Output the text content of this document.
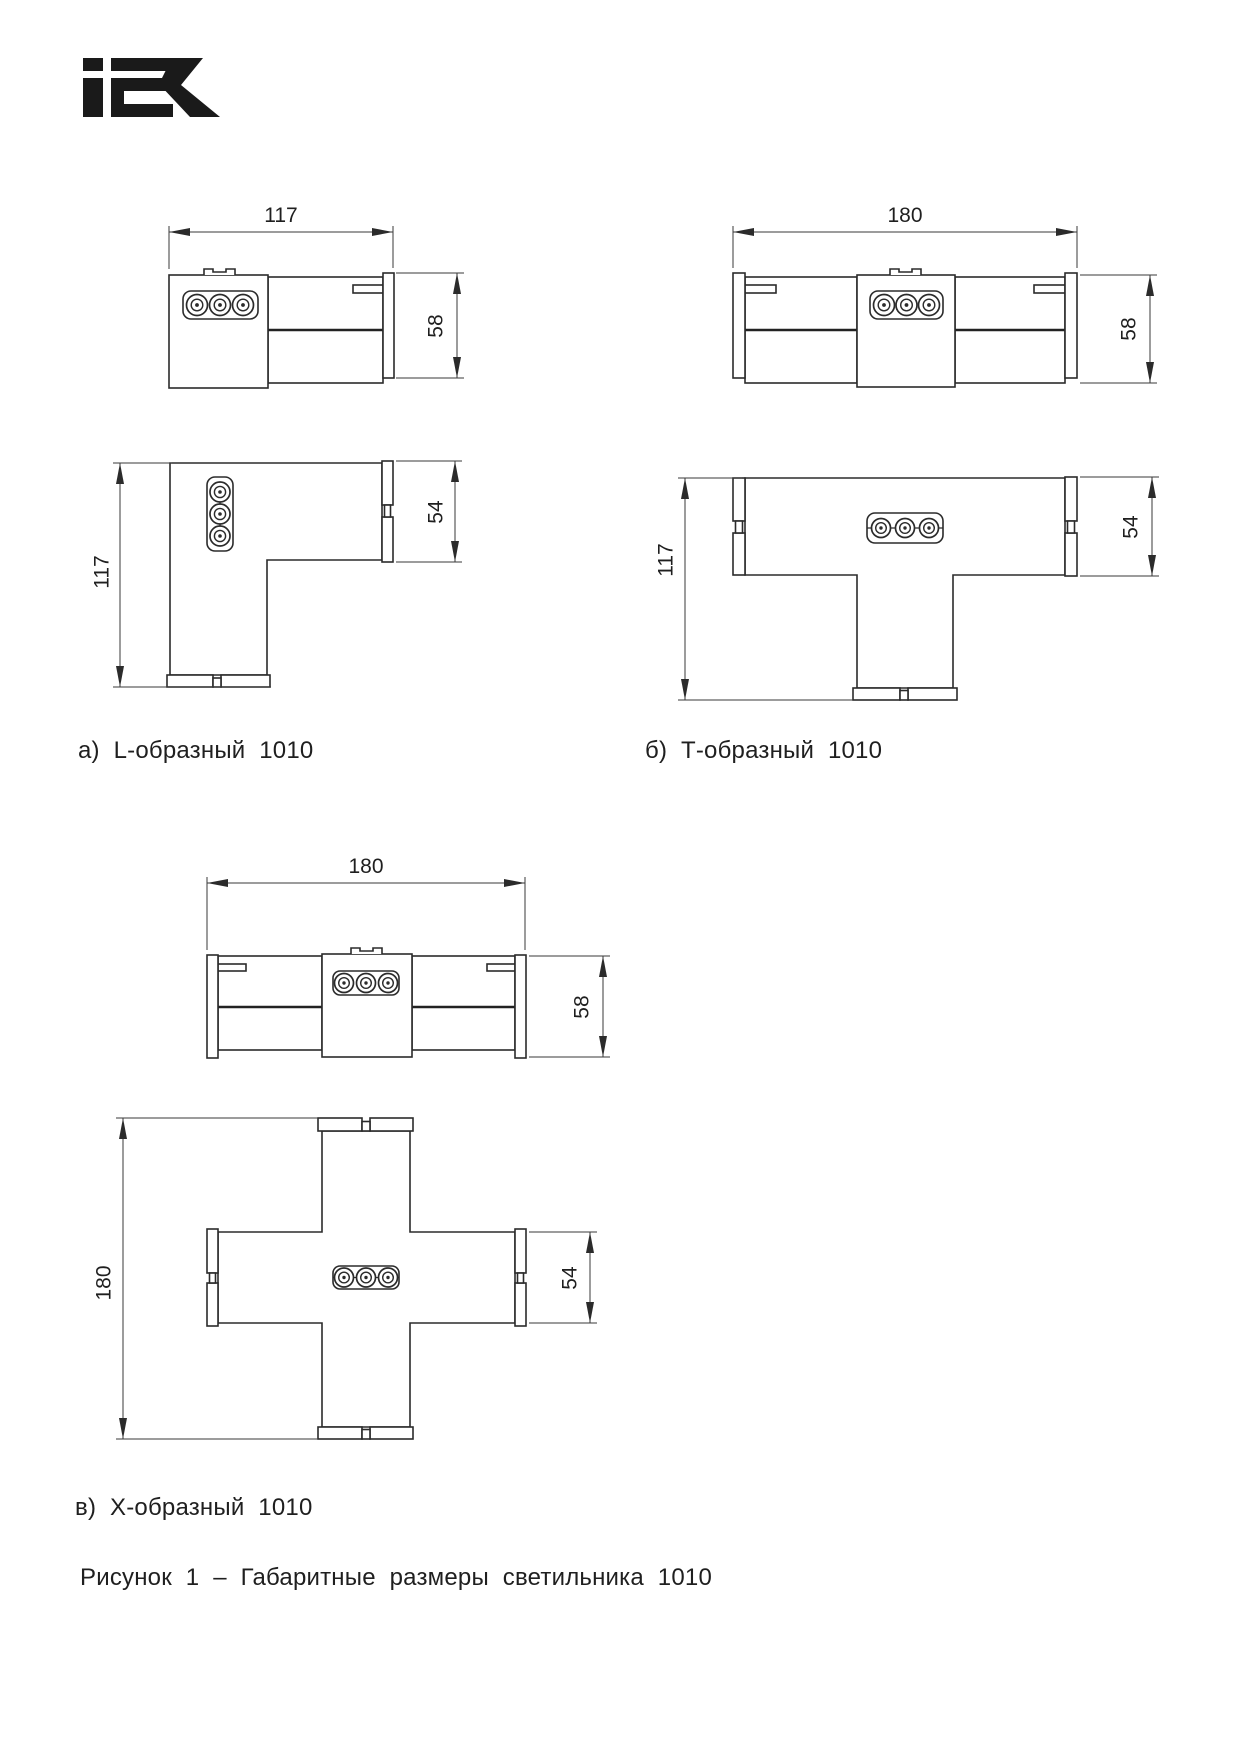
117
58
117
54
180
58
117
54
180
58
180	54
а) L-образный 1010	б) Т-образный 1010
в) X-образный 1010
Рисунок 1 – Габаритные размеры светильника 1010
